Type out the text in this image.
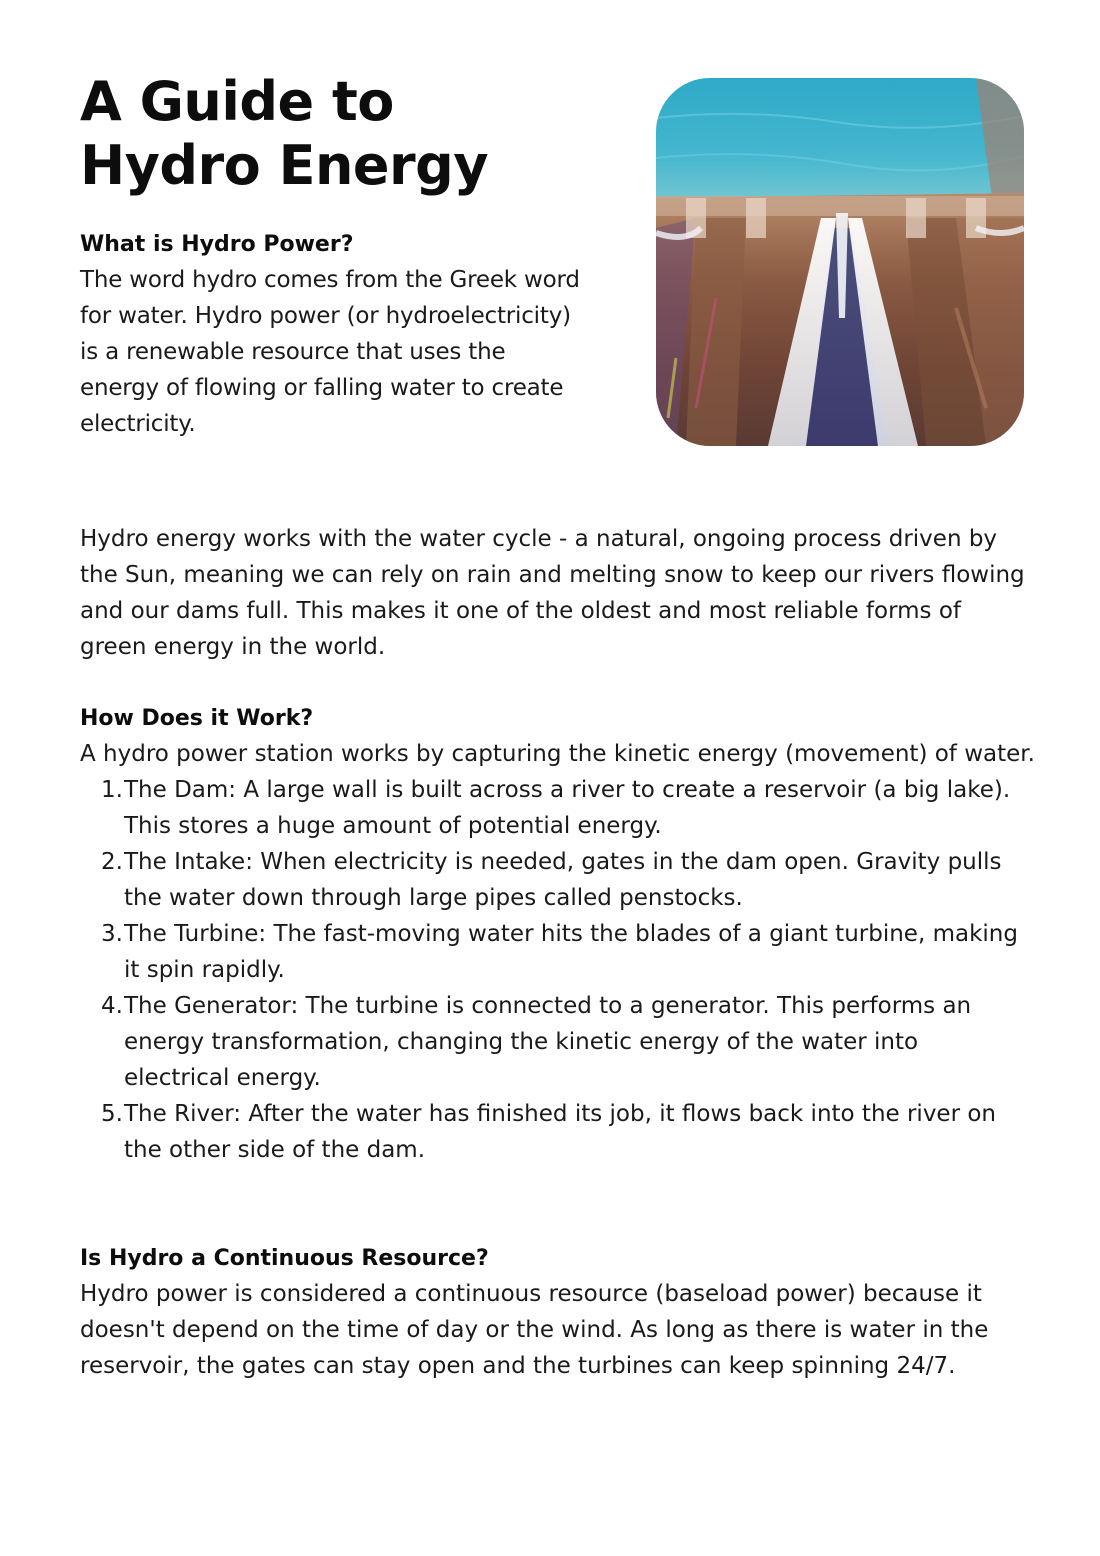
A Guide to
Hydro Energy
What is Hydro Power?

The word hydro comes from the Greek word for water. Hydro power (or hydroelectricity) is a renewable resource that uses the energy of flowing or falling water to create electricity.

Hydro energy works with the water cycle - a natural, ongoing process driven by the Sun, meaning we can rely on rain and melting snow to keep our rivers flowing and our dams full. This makes it one of the oldest and most reliable forms of green energy in the world.

How Does it Work?

A hydro power station works by capturing the kinetic energy (movement) of water.

1. The Dam: A large wall is built across a river to create a reservoir (a big lake). This stores a huge amount of potential energy.
2. The Intake: When electricity is needed, gates in the dam open. Gravity pulls the water down through large pipes called penstocks.
3. The Turbine: The fast-moving water hits the blades of a giant turbine, making it spin rapidly.
4. The Generator: The turbine is connected to a generator. This performs an energy transformation, changing the kinetic energy of the water into electrical energy.
5. The River: After the water has finished its job, it flows back into the river on the other side of the dam.
Is Hydro a Continuous Resource?

Hydro power is considered a continuous resource (baseload power) because it doesn't depend on the time of day or the wind. As long as there is water in the reservoir, the gates can stay open and the turbines can keep spinning 24/7.
